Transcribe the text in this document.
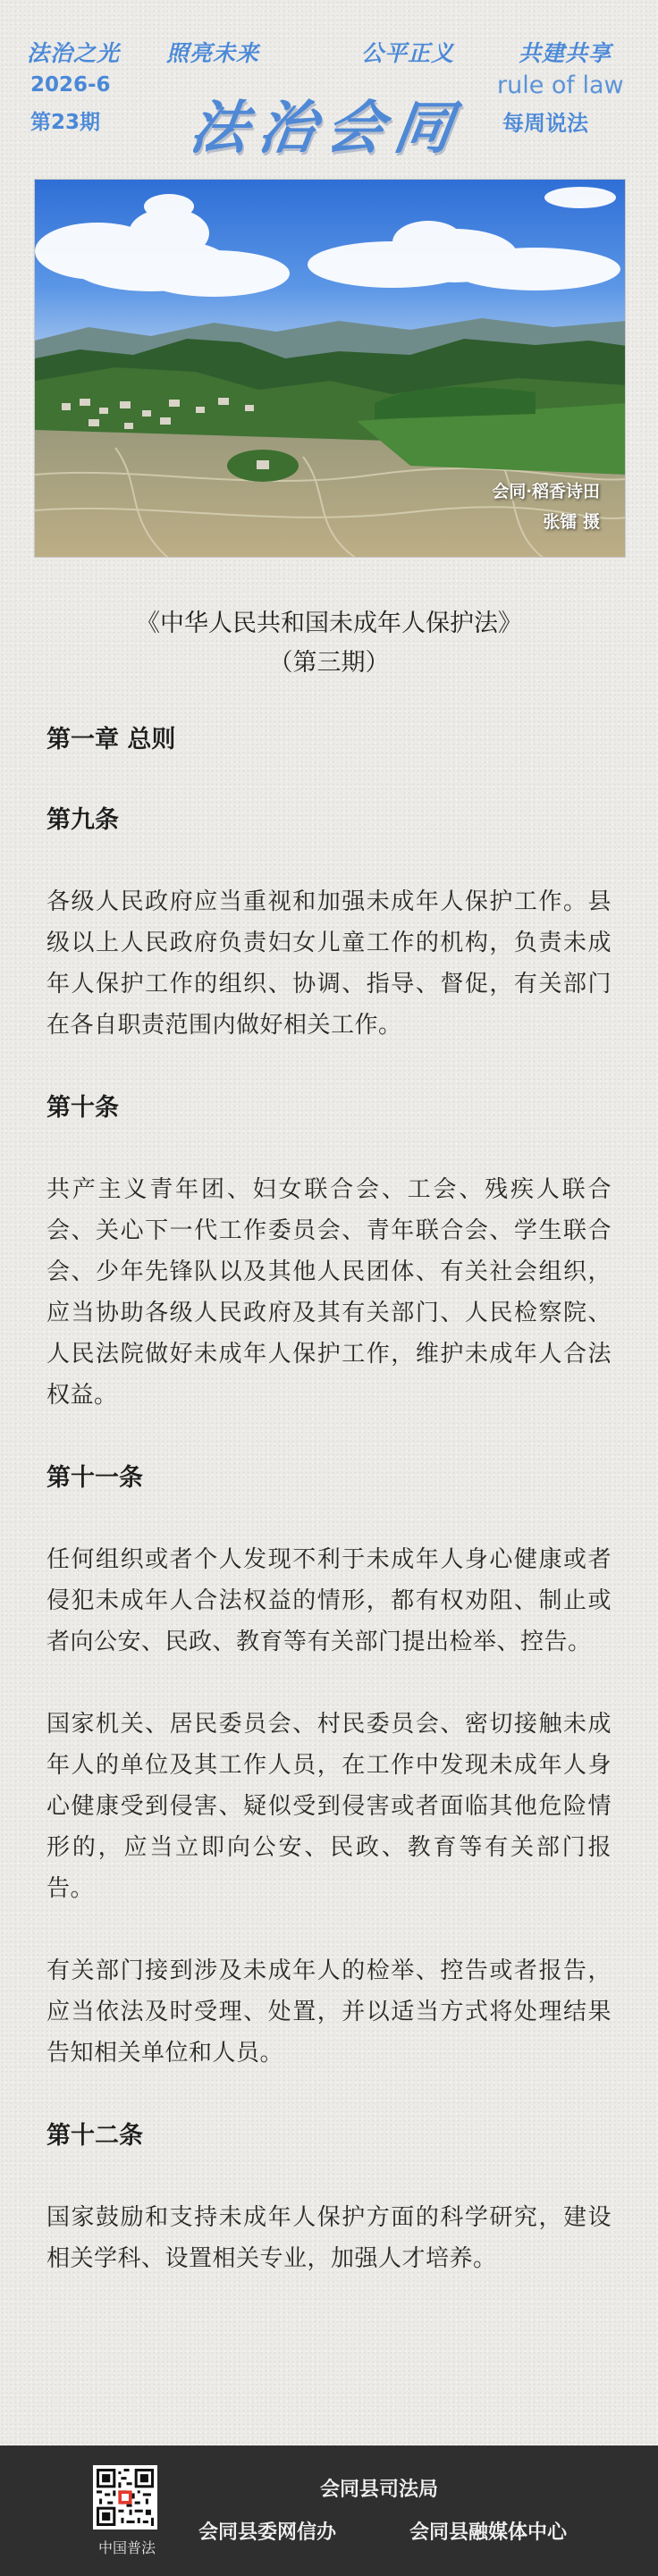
法治之光 照亮未来	公平正义	共建共享
2026-6
第23期 法治会同
rule of law
每周说法
会同·稻香诗田
张镭 摄
《中华人民共和国未成年人保护法》
（第三期）
第一章 总则
第九条

各级人民政府应当重视和加强未成年人保护工作。县级以上人民政府负责妇女儿童工作的机构，负责未成年人保护工作的组织、协调、指导、督促，有关部门在各自职责范围内做好相关工作。

第十条

共产主义青年团、妇女联合会、工会、残疾人联合会、关心下一代工作委员会、青年联合会、学生联合会、少年先锋队以及其他人民团体、有关社会组织，应当协助各级人民政府及其有关部门、人民检察院、人民法院做好未成年人保护工作，维护未成年人合法权益。

第十一条

任何组织或者个人发现不利于未成年人身心健康或者侵犯未成年人合法权益的情形，都有权劝阻、制止或者向公安、民政、教育等有关部门提出检举、控告。

国家机关、居民委员会、村民委员会、密切接触未成年人的单位及其工作人员，在工作中发现未成年人身心健康受到侵害、疑似受到侵害或者面临其他危险情形的，应当立即向公安、民政、教育等有关部门报告。

有关部门接到涉及未成年人的检举、控告或者报告，应当依法及时受理、处置，并以适当方式将处理结果告知相关单位和人员。

第十二条

国家鼓励和支持未成年人保护方面的科学研究，建设相关学科、设置相关专业，加强人才培养。

中国普法
会同县司法局
会同县委网信办	会同县融媒体中心
